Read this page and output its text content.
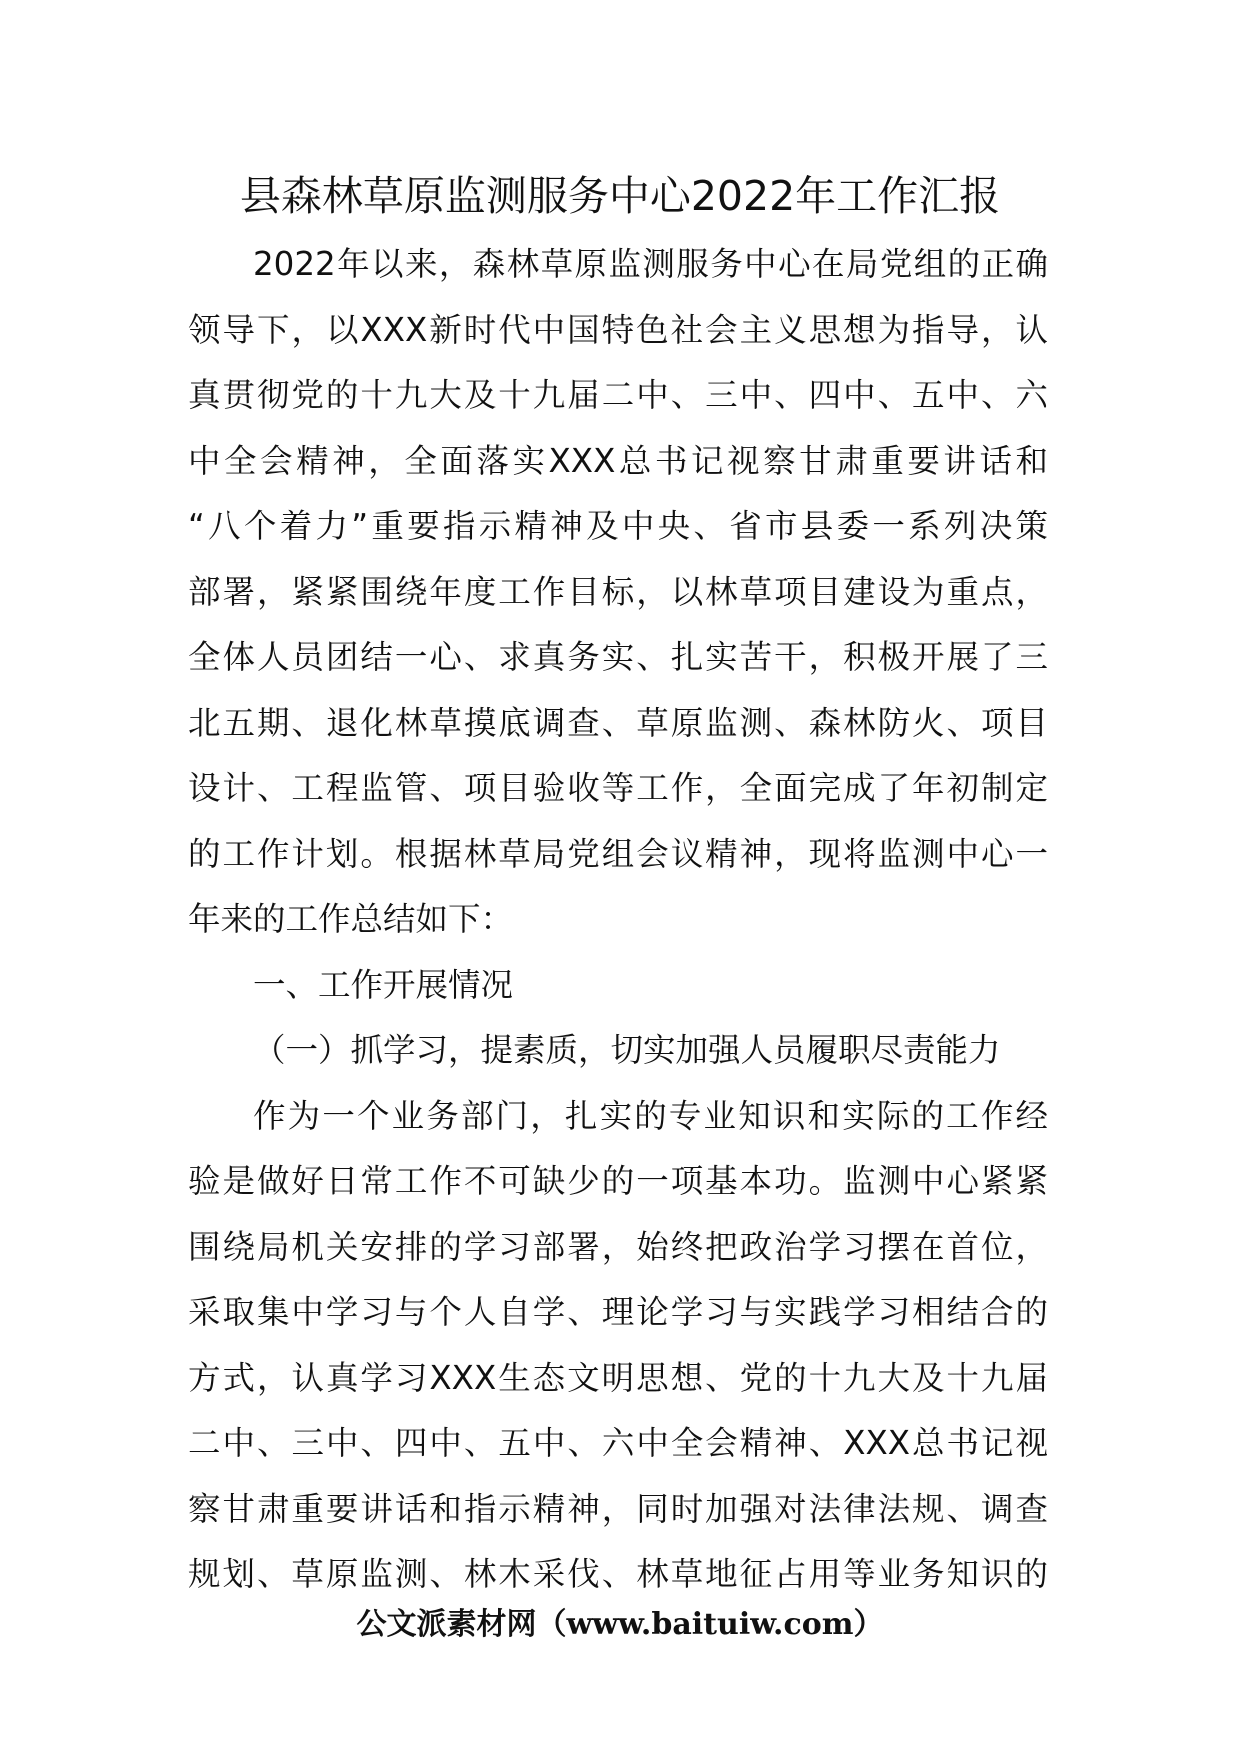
县森林草原监测服务中心2022年工作汇报
2022年以来，森林草原监测服务中心在局党组的正确
领导下，以XXX新时代中国特色社会主义思想为指导，认
真贯彻党的十九大及十九届二中、三中、四中、五中、六
中全会精神，全面落实XXX总书记视察甘肃重要讲话和
“八个着力”重要指示精神及中央、省市县委一系列决策
部署，紧紧围绕年度工作目标，以林草项目建设为重点，
全体人员团结一心、求真务实、扎实苦干，积极开展了三
北五期、退化林草摸底调查、草原监测、森林防火、项目
设计、工程监管、项目验收等工作，全面完成了年初制定
的工作计划。根据林草局党组会议精神，现将监测中心一
年来的工作总结如下：
一、工作开展情况
（一）抓学习，提素质，切实加强人员履职尽责能力
作为一个业务部门，扎实的专业知识和实际的工作经
验是做好日常工作不可缺少的一项基本功。监测中心紧紧
围绕局机关安排的学习部署，始终把政治学习摆在首位，
采取集中学习与个人自学、理论学习与实践学习相结合的
方式，认真学习XXX生态文明思想、党的十九大及十九届
二中、三中、四中、五中、六中全会精神、XXX总书记视
察甘肃重要讲话和指示精神，同时加强对法律法规、调查
规划、草原监测、林木采伐、林草地征占用等业务知识的
公文派素材网（www.baituiw.com）
